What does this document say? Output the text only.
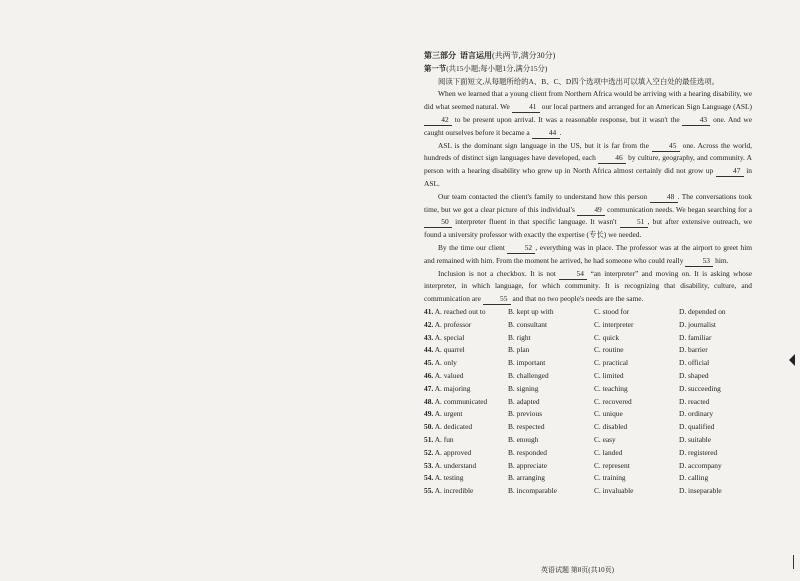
第三部分 语言运用(共两节,满分30分)
第一节(共15小题;每小题1分,满分15分)
阅读下面短文,从每题所给的A、B、C、D四个选项中选出可以填入空白处的最佳选项。

When we learned that a young client from Northern Africa would be arriving with a hearing disability, we did what seemed natural. We 41 our local partners and arranged for an American Sign Language (ASL) 42 to be present upon arrival. It was a reasonable response, but it wasn't the 43 one. And we caught ourselves before it became a 44 .

ASL is the dominant sign language in the US, but it is far from the 45 one. Across the world, hundreds of distinct sign languages have developed, each 46 by culture, geography, and community. A person with a hearing disability who grew up in North Africa almost certainly did not grow up 47 in ASL.

Our team contacted the client's family to understand how this person 48 . The conversations took time, but we got a clear picture of this individual's 49 communication needs. We began searching for a 50 interpreter fluent in that specific language. It wasn't 51 , but after extensive outreach, we found a university professor with exactly the expertise (专长) we needed.

By the time our client 52 , everything was in place. The professor was at the airport to greet him and remained with him. From the moment he arrived, he had someone who could really 53 him.

Inclusion is not a checkbox. It is not 54 “an interpreter” and moving on. It is asking whose interpreter, in which language, for which community. It is recognizing that disability, culture, and communication are 55 and that no two people's needs are the same.

41. A. reached out to	B. kept up with	C. stood for	D. depended on
42. A. professor	B. consultant	C. interpreter	D. journalist
43. A. special	B. right	C. quick	D. familiar
44. A. quarrel	B. plan	C. routine	D. barrier
45. A. only	B. important	C. practical	D. official
46. A. valued	B. challenged	C. limited	D. shaped
47. A. majoring	B. signing	C. teaching	D. succeeding
48. A. communicated	B. adapted	C. recovered	D. reacted
49. A. urgent	B. previous	C. unique	D. ordinary
50. A. dedicated	B. respected	C. disabled	D. qualified
51. A. fun	B. enough	C. easy	D. suitable
52. A. approved	B. responded	C. landed	D. registered
53. A. understand	B. appreciate	C. represent	D. accompany
54. A. testing	B. arranging	C. training	D. calling
55. A. incredible	B. incomparable	C. invaluable	D. inseparable
英语试题 第8页(共10页)
